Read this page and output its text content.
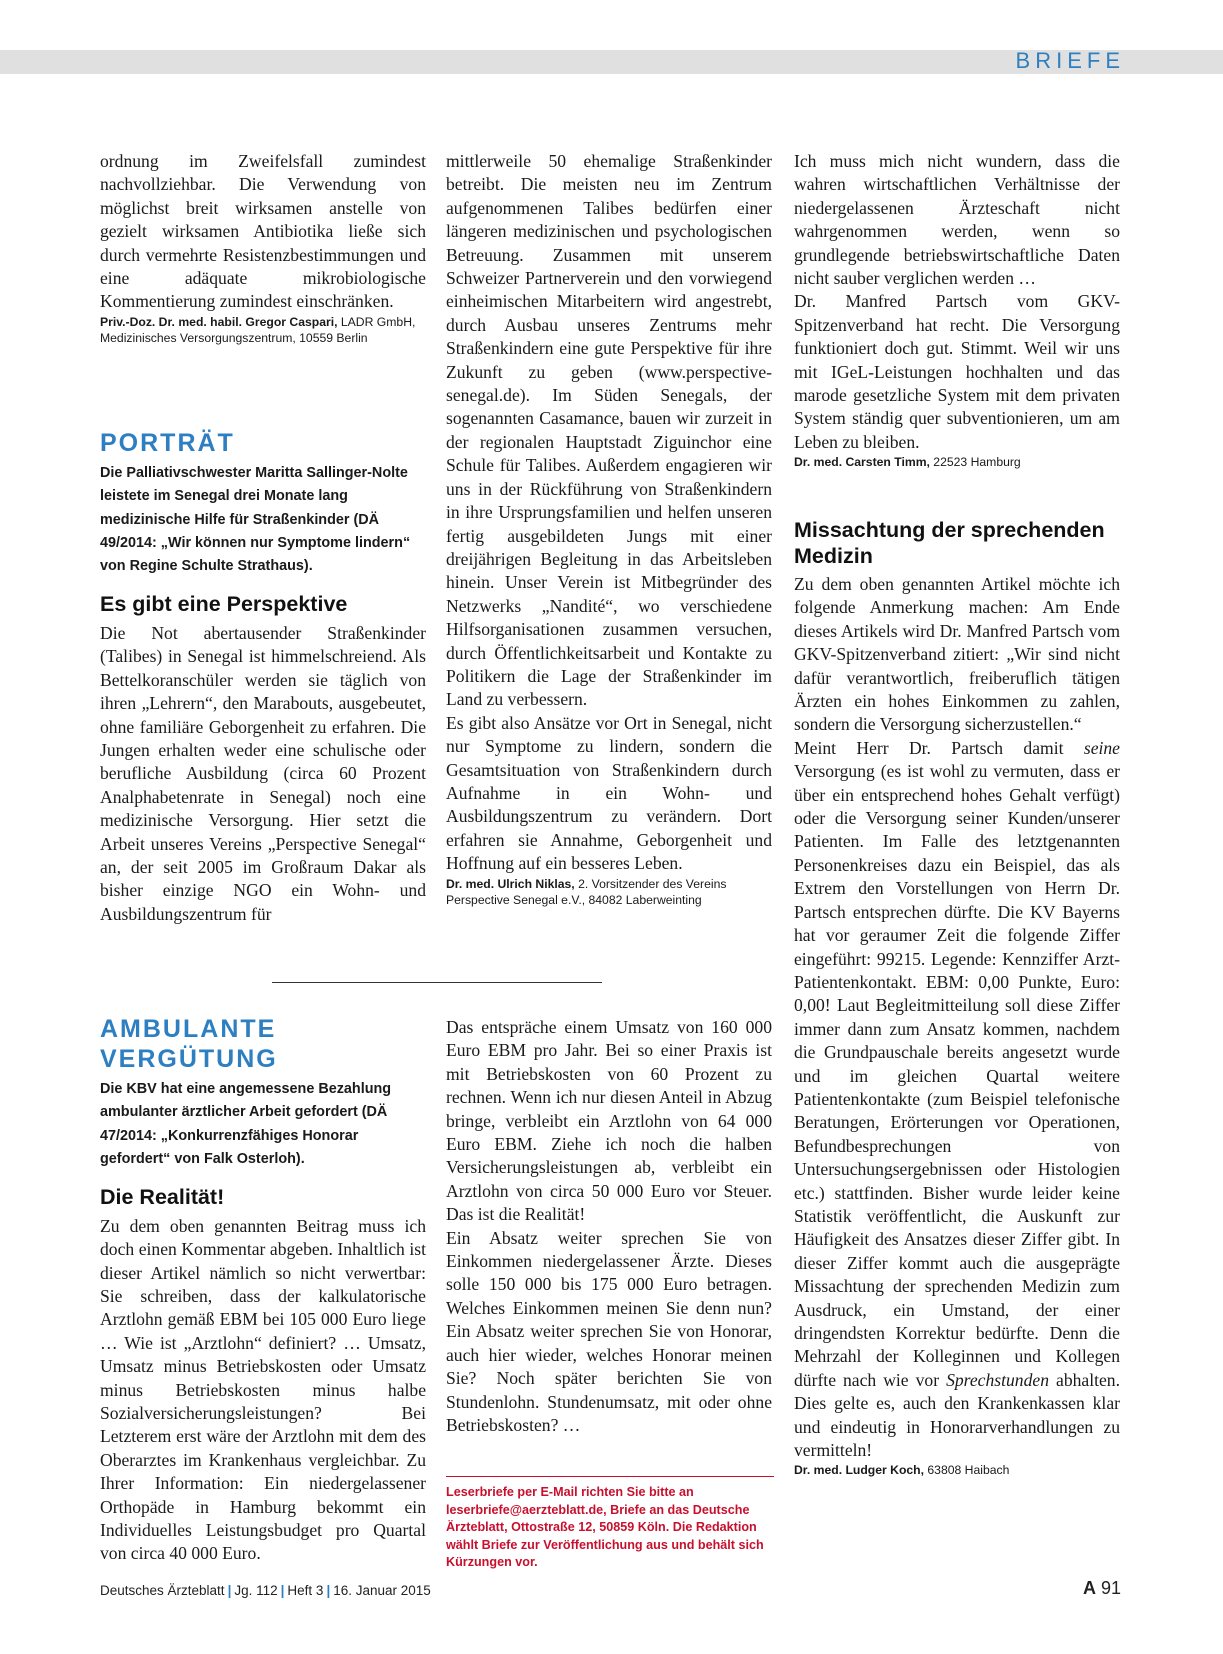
BRIEFE

ordnung im Zweifelsfall zumindest nachvollziehbar. Die Verwendung von möglichst breit wirksamen anstelle von gezielt wirksamen Antibiotika ließe sich durch vermehrte Resistenzbestimmungen und eine adäquate mikrobiologische Kommentierung zumindest einschränken.

Priv.-Doz. Dr. med. habil. Gregor Caspari, LADR GmbH, Medizinisches Versorgungszentrum, 10559 Berlin

PORTRÄT

Die Palliativschwester Maritta Sallinger-Nolte leistete im Senegal drei Monate lang medizinische Hilfe für Straßenkinder (DÄ 49/2014: „Wir können nur Symptome lindern“ von Regine Schulte Strathaus).

Es gibt eine Perspektive

Die Not abertausender Straßenkinder (Talibes) in Senegal ist himmelschreiend. Als Bettelkoranschüler werden sie täglich von ihren „Lehrern“, den Marabouts, ausgebeutet, ohne familiäre Geborgenheit zu erfahren. Die Jungen erhalten weder eine schulische oder berufliche Ausbildung (circa 60 Prozent Analphabetenrate in Senegal) noch eine medizinische Versorgung. Hier setzt die Arbeit unseres Vereins „Perspective Senegal“ an, der seit 2005 im Großraum Dakar als bisher einzige NGO ein Wohn- und Ausbildungszentrum für

mittlerweile 50 ehemalige Straßenkinder betreibt. Die meisten neu im Zentrum aufgenommenen Talibes bedürfen einer längeren medizinischen und psychologischen Betreuung. Zusammen mit unserem Schweizer Partnerverein und den vorwiegend einheimischen Mitarbeitern wird angestrebt, durch Ausbau unseres Zentrums mehr Straßenkindern eine gute Perspektive für ihre Zukunft zu geben (www.perspective-senegal.de). Im Süden Senegals, der sogenannten Casamance, bauen wir zurzeit in der regionalen Hauptstadt Ziguinchor eine Schule für Talibes. Außerdem engagieren wir uns in der Rückführung von Straßenkindern in ihre Ursprungsfamilien und helfen unseren fertig ausgebildeten Jungs mit einer dreijährigen Begleitung in das Arbeitsleben hinein. Unser Verein ist Mitbegründer des Netzwerks „Nandité“, wo verschiedene Hilfsorganisationen zusammen versuchen, durch Öffentlichkeitsarbeit und Kontakte zu Politikern die Lage der Straßenkinder im Land zu verbessern.

Es gibt also Ansätze vor Ort in Senegal, nicht nur Symptome zu lindern, sondern die Gesamtsituation von Straßenkindern durch Aufnahme in ein Wohn- und Ausbildungszentrum zu verändern. Dort erfahren sie Annahme, Geborgenheit und Hoffnung auf ein besseres Leben.

Dr. med. Ulrich Niklas, 2. Vorsitzender des Vereins Perspective Senegal e.V., 84082 Laberweinting

Ich muss mich nicht wundern, dass die wahren wirtschaftlichen Verhältnisse der niedergelassenen Ärzteschaft nicht wahrgenommen werden, wenn so grundlegende betriebswirtschaftliche Daten nicht sauber verglichen werden …

Dr. Manfred Partsch vom GKV-Spitzenverband hat recht. Die Versorgung funktioniert doch gut. Stimmt. Weil wir uns mit IGeL-Leistungen hochhalten und das marode gesetzliche System mit dem privaten System ständig quer subventionieren, um am Leben zu bleiben.

Dr. med. Carsten Timm, 22523 Hamburg

Missachtung der sprechenden Medizin

Zu dem oben genannten Artikel möchte ich folgende Anmerkung machen: Am Ende dieses Artikels wird Dr. Manfred Partsch vom GKV-Spitzenverband zitiert: „Wir sind nicht dafür verantwortlich, freiberuflich tätigen Ärzten ein hohes Einkommen zu zahlen, sondern die Versorgung sicherzustellen.“

Meint Herr Dr. Partsch damit seine Versorgung (es ist wohl zu vermuten, dass er über ein entsprechend hohes Gehalt verfügt) oder die Versorgung seiner Kunden/unserer Patienten. Im Falle des letztgenannten Personenkreises dazu ein Beispiel, das als Extrem den Vorstellungen von Herrn Dr. Partsch entsprechen dürfte. Die KV Bayerns hat vor geraumer Zeit die folgende Ziffer eingeführt: 99215. Legende: Kennziffer Arzt-Patientenkontakt. EBM: 0,00 Punkte, Euro: 0,00! Laut Begleitmitteilung soll diese Ziffer immer dann zum Ansatz kommen, nachdem die Grundpauschale bereits angesetzt wurde und im gleichen Quartal weitere Patientenkontakte (zum Beispiel telefonische Beratungen, Erörterungen vor Operationen, Befundbesprechungen von Untersuchungsergebnissen oder Histologien etc.) stattfinden. Bisher wurde leider keine Statistik veröffentlicht, die Auskunft zur Häufigkeit des Ansatzes dieser Ziffer gibt. In dieser Ziffer kommt auch die ausgeprägte Missachtung der sprechenden Medizin zum Ausdruck, ein Umstand, der einer dringendsten Korrektur bedürfte. Denn die Mehrzahl der Kolleginnen und Kollegen dürfte nach wie vor Sprechstunden abhalten. Dies gelte es, auch den Krankenkassen klar und eindeutig in Honorarverhandlungen zu vermitteln!

Dr. med. Ludger Koch, 63808 Haibach

AMBULANTE VERGÜTUNG

Die KBV hat eine angemessene Bezahlung ambulanter ärztlicher Arbeit gefordert (DÄ 47/2014: „Konkurrenzfähiges Honorar gefordert“ von Falk Osterloh).

Die Realität!

Zu dem oben genannten Beitrag muss ich doch einen Kommentar abgeben. Inhaltlich ist dieser Artikel nämlich so nicht verwertbar: Sie schreiben, dass der kalkulatorische Arztlohn gemäß EBM bei 105 000 Euro liege … Wie ist „Arztlohn“ definiert? … Umsatz, Umsatz minus Betriebskosten oder Umsatz minus Betriebskosten minus halbe Sozialversicherungsleistungen? Bei Letzterem erst wäre der Arztlohn mit dem des Oberarztes im Krankenhaus vergleichbar. Zu Ihrer Information: Ein niedergelassener Orthopäde in Hamburg bekommt ein Individuelles Leistungsbudget pro Quartal von circa 40 000 Euro.

Das entspräche einem Umsatz von 160 000 Euro EBM pro Jahr. Bei so einer Praxis ist mit Betriebskosten von 60 Prozent zu rechnen. Wenn ich nur diesen Anteil in Abzug bringe, verbleibt ein Arztlohn von 64 000 Euro EBM. Ziehe ich noch die halben Versicherungsleistungen ab, verbleibt ein Arztlohn von circa 50 000 Euro vor Steuer. Das ist die Realität!

Ein Absatz weiter sprechen Sie von Einkommen niedergelassener Ärzte. Dieses solle 150 000 bis 175 000 Euro betragen. Welches Einkommen meinen Sie denn nun? Ein Absatz weiter sprechen Sie von Honorar, auch hier wieder, welches Honorar meinen Sie? Noch später berichten Sie von Stundenlohn. Stundenumsatz, mit oder ohne Betriebskosten? …

Leserbriefe per E-Mail richten Sie bitte an leserbriefe@aerzteblatt.de, Briefe an das Deutsche Ärzteblatt, Ottostraße 12, 50859 Köln. Die Redaktion wählt Briefe zur Veröffentlichung aus und behält sich Kürzungen vor.
Deutsches Ärzteblatt | Jg. 112 | Heft 3 | 16. Januar 2015	A 91
